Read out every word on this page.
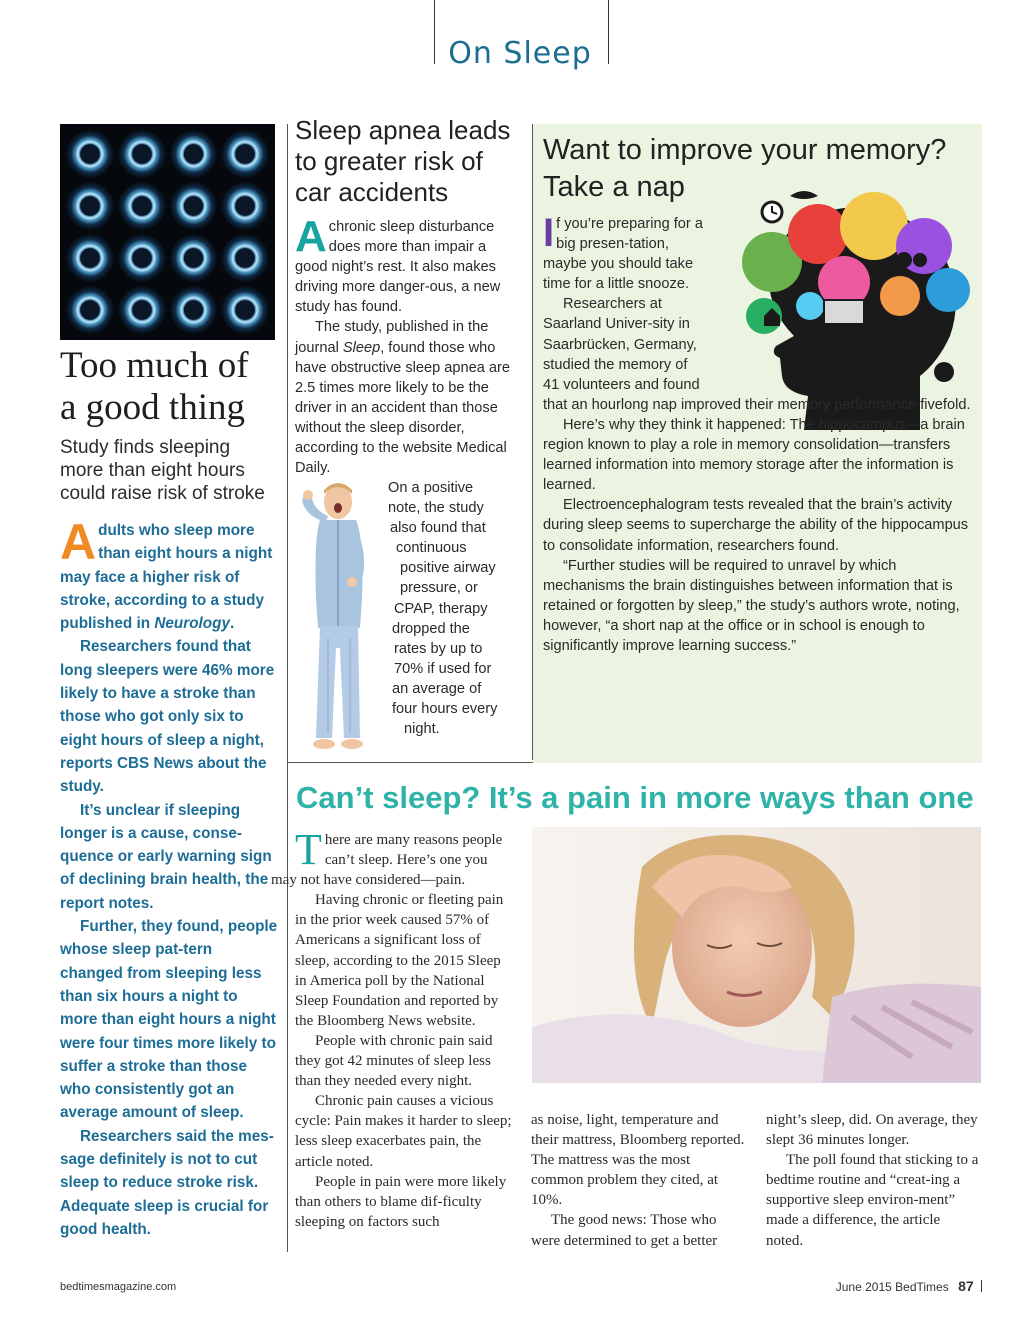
On Sleep
Too much of
a good thing
Study finds sleeping more than eight hours could raise risk of stroke

Adults who sleep more than eight hours a night may face a higher risk of stroke, according to a study published in Neurology.

Researchers found that long sleepers were 46% more likely to have a stroke than those who got only six to eight hours of sleep a night, reports CBS News about the study.

It’s unclear if sleeping longer is a cause, conse-quence or early warning sign of declining brain health, the report notes.

Further, they found, people whose sleep pat-tern changed from sleeping less than six hours a night to more than eight hours a night were four times more likely to suffer a stroke than those who consistently got an average amount of sleep.

Researchers said the mes-sage definitely is not to cut sleep to reduce stroke risk. Adequate sleep is crucial for good health.

Sleep apnea leads to greater risk of car accidents

A chronic sleep disturbance does more than impair a good night’s rest. It also makes driving more danger-ous, a new study has found.

The study, published in the journal Sleep, found those who have obstructive sleep apnea are 2.5 times more likely to be the driver in an accident than those without the sleep disorder, according to the website Medical Daily.

On a positive
note, the study
also found that
continuous
positive airway
pressure, or
CPAP, therapy
dropped the
rates by up to
70% if used for
an average of
four hours every
night.
Want to improve your memory?
Take a nap

If you’re preparing for a big presen-tation, maybe you should take time for a little snooze.

Researchers at Saarland Univer-sity in Saarbrücken, Germany, studied the memory of 41 volunteers and found
that an hourlong nap improved their memory performance fivefold.

Here’s why they think it happened: The hippocampus—a brain region known to play a role in memory consolidation—transfers learned information into memory storage after the information is learned.

Electroencephalogram tests revealed that the brain’s activity during sleep seems to supercharge the ability of the hippocampus to consolidate information, researchers found.

“Further studies will be required to unravel by which mechanisms the brain distinguishes between information that is retained or forgotten by sleep,” the study’s authors wrote, noting, however, “a short nap at the office or in school is enough to significantly improve learning success.”

Can’t sleep? It’s a pain in more ways than one

T here are many reasons people
can’t sleep. Here’s one you
may not have considered—pain.

Having chronic or fleeting pain in the prior week caused 57% of Americans a significant loss of sleep, according to the 2015 Sleep in America poll by the National Sleep Foundation and reported by the Bloomberg News website.

People with chronic pain said they got 42 minutes of sleep less than they needed every night.

Chronic pain causes a vicious cycle: Pain makes it harder to sleep; less sleep exacerbates pain, the article noted.

People in pain were more likely than others to blame dif-ficulty sleeping on factors such

as noise, light, temperature and their mattress, Bloomberg reported. The mattress was the most common problem they cited, at 10%.

The good news: Those who were determined to get a better

night’s sleep, did. On average, they slept 36 minutes longer.

The poll found that sticking to a bedtime routine and “creat-ing a supportive sleep environ-ment” made a difference, the article noted.

bedtimesmagazine.com	June 2015 BedTimes 87
